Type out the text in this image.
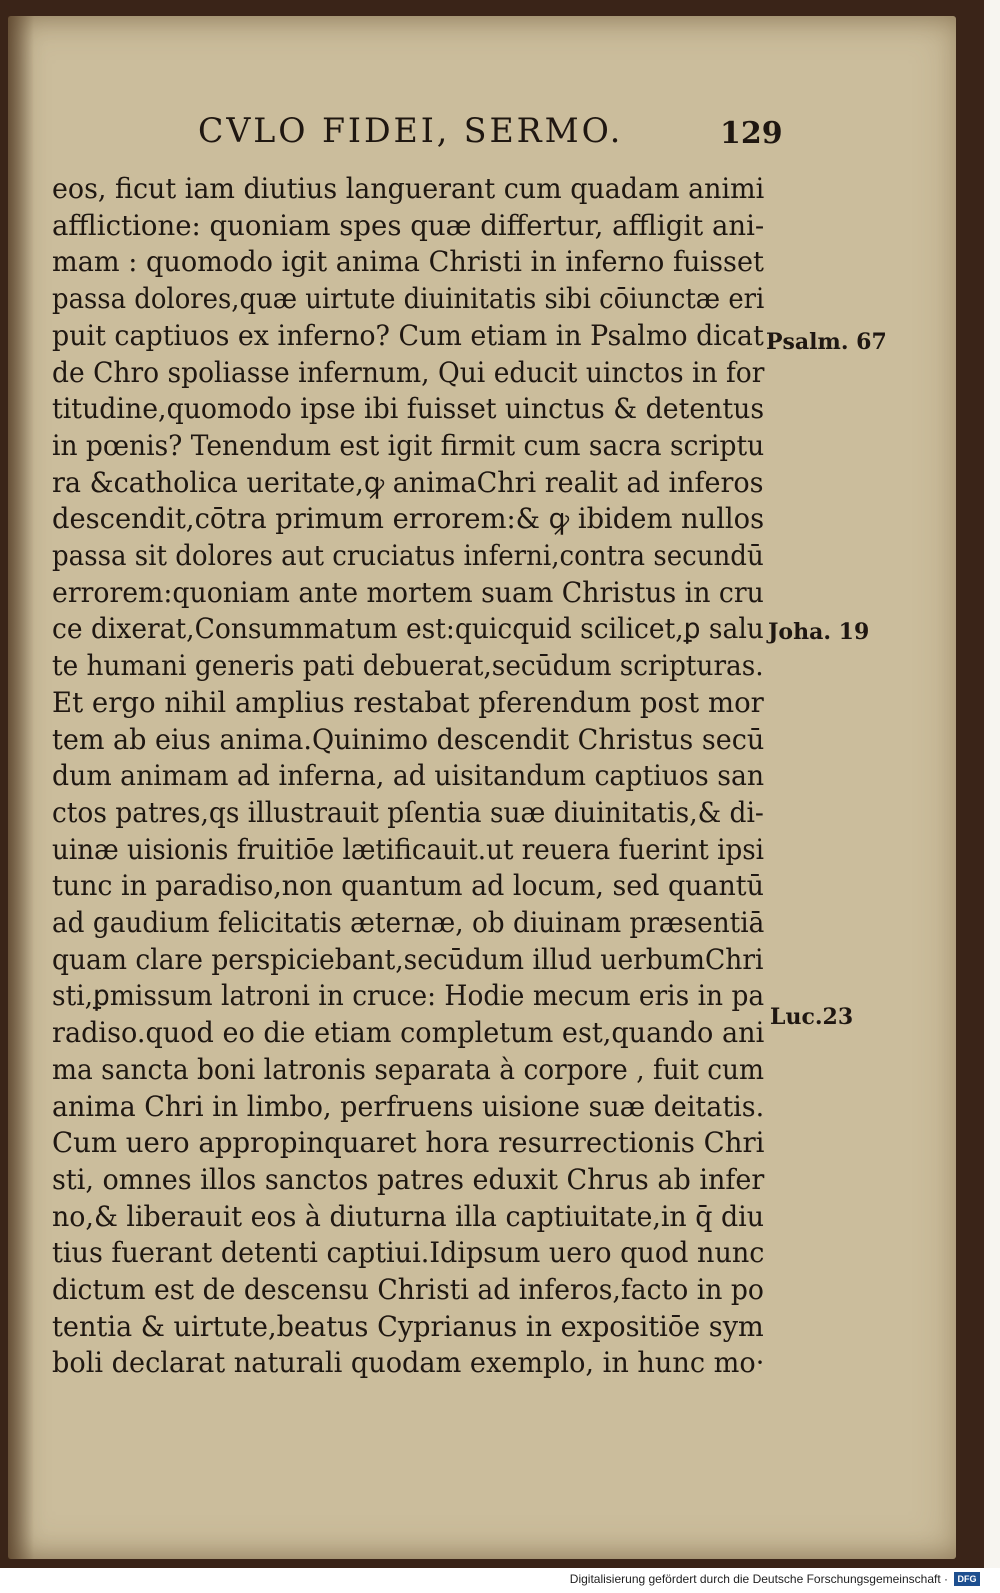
CVLO FIDEI, SERMO.	129
eos, ficut iam diutius languerant cum quadam animi
afflictione: quoniam spes quæ differtur, affligit ani-
mam : quomodo igit anima Christi in inferno fuisset
passa dolores,quæ uirtute diuinitatis sibi cōiunctæ eri
puit captiuos ex inferno? Cum etiam in Psalmo dicat
de Chro spoliasse infernum, Qui educit uinctos in for
titudine,quomodo ipse ibi fuisset uinctus & detentus
in pœnis? Tenendum est igit firmit cum sacra scriptu
ra &catholica ueritate,ꝙ animaChri realit ad inferos
descendit,cōtra primum errorem:& ꝙ ibidem nullos
passa sit dolores aut cruciatus inferni,contra secundū
errorem:quoniam ante mortem suam Christus in cru
ce dixerat,Consummatum est:quicquid scilicet,ꝑ salu
te humani generis pati debuerat,secūdum scripturas.
Et ergo nihil amplius restabat pferendum post mor
tem ab eius anima.Quinimo descendit Christus secū
dum animam ad inferna, ad uisitandum captiuos san
ctos patres,qs illustrauit pſentia suæ diuinitatis,& di-
uinæ uisionis fruitiōe lætificauit.ut reuera fuerint ipsi
tunc in paradiso,non quantum ad locum, sed quantū
ad gaudium felicitatis æternæ, ob diuinam præsentiā
quam clare perspiciebant,secūdum illud uerbumChri
sti,ꝑmissum latroni in cruce: Hodie mecum eris in pa
radiso.quod eo die etiam completum est,quando ani
ma sancta boni latronis separata à corpore , fuit cum
anima Chri in limbo, perfruens uisione suæ deitatis.
Cum uero appropinquaret hora resurrectionis Chri
sti, omnes illos sanctos patres eduxit Chrus ab infer
no,& liberauit eos à diuturna illa captiuitate,in q̄ diu
tius fuerant detenti captiui.Idipsum uero quod nunc
dictum est de descensu Christi ad inferos,facto in po
tentia & uirtute,beatus Cyprianus in expositiōe sym
boli declarat naturali quodam exemplo, in hunc mo·
Psalm. 67
Joha. 19
Luc.23
Digitalisierung gefördert durch die Deutsche Forschungsgemeinschaft ·	DFG
